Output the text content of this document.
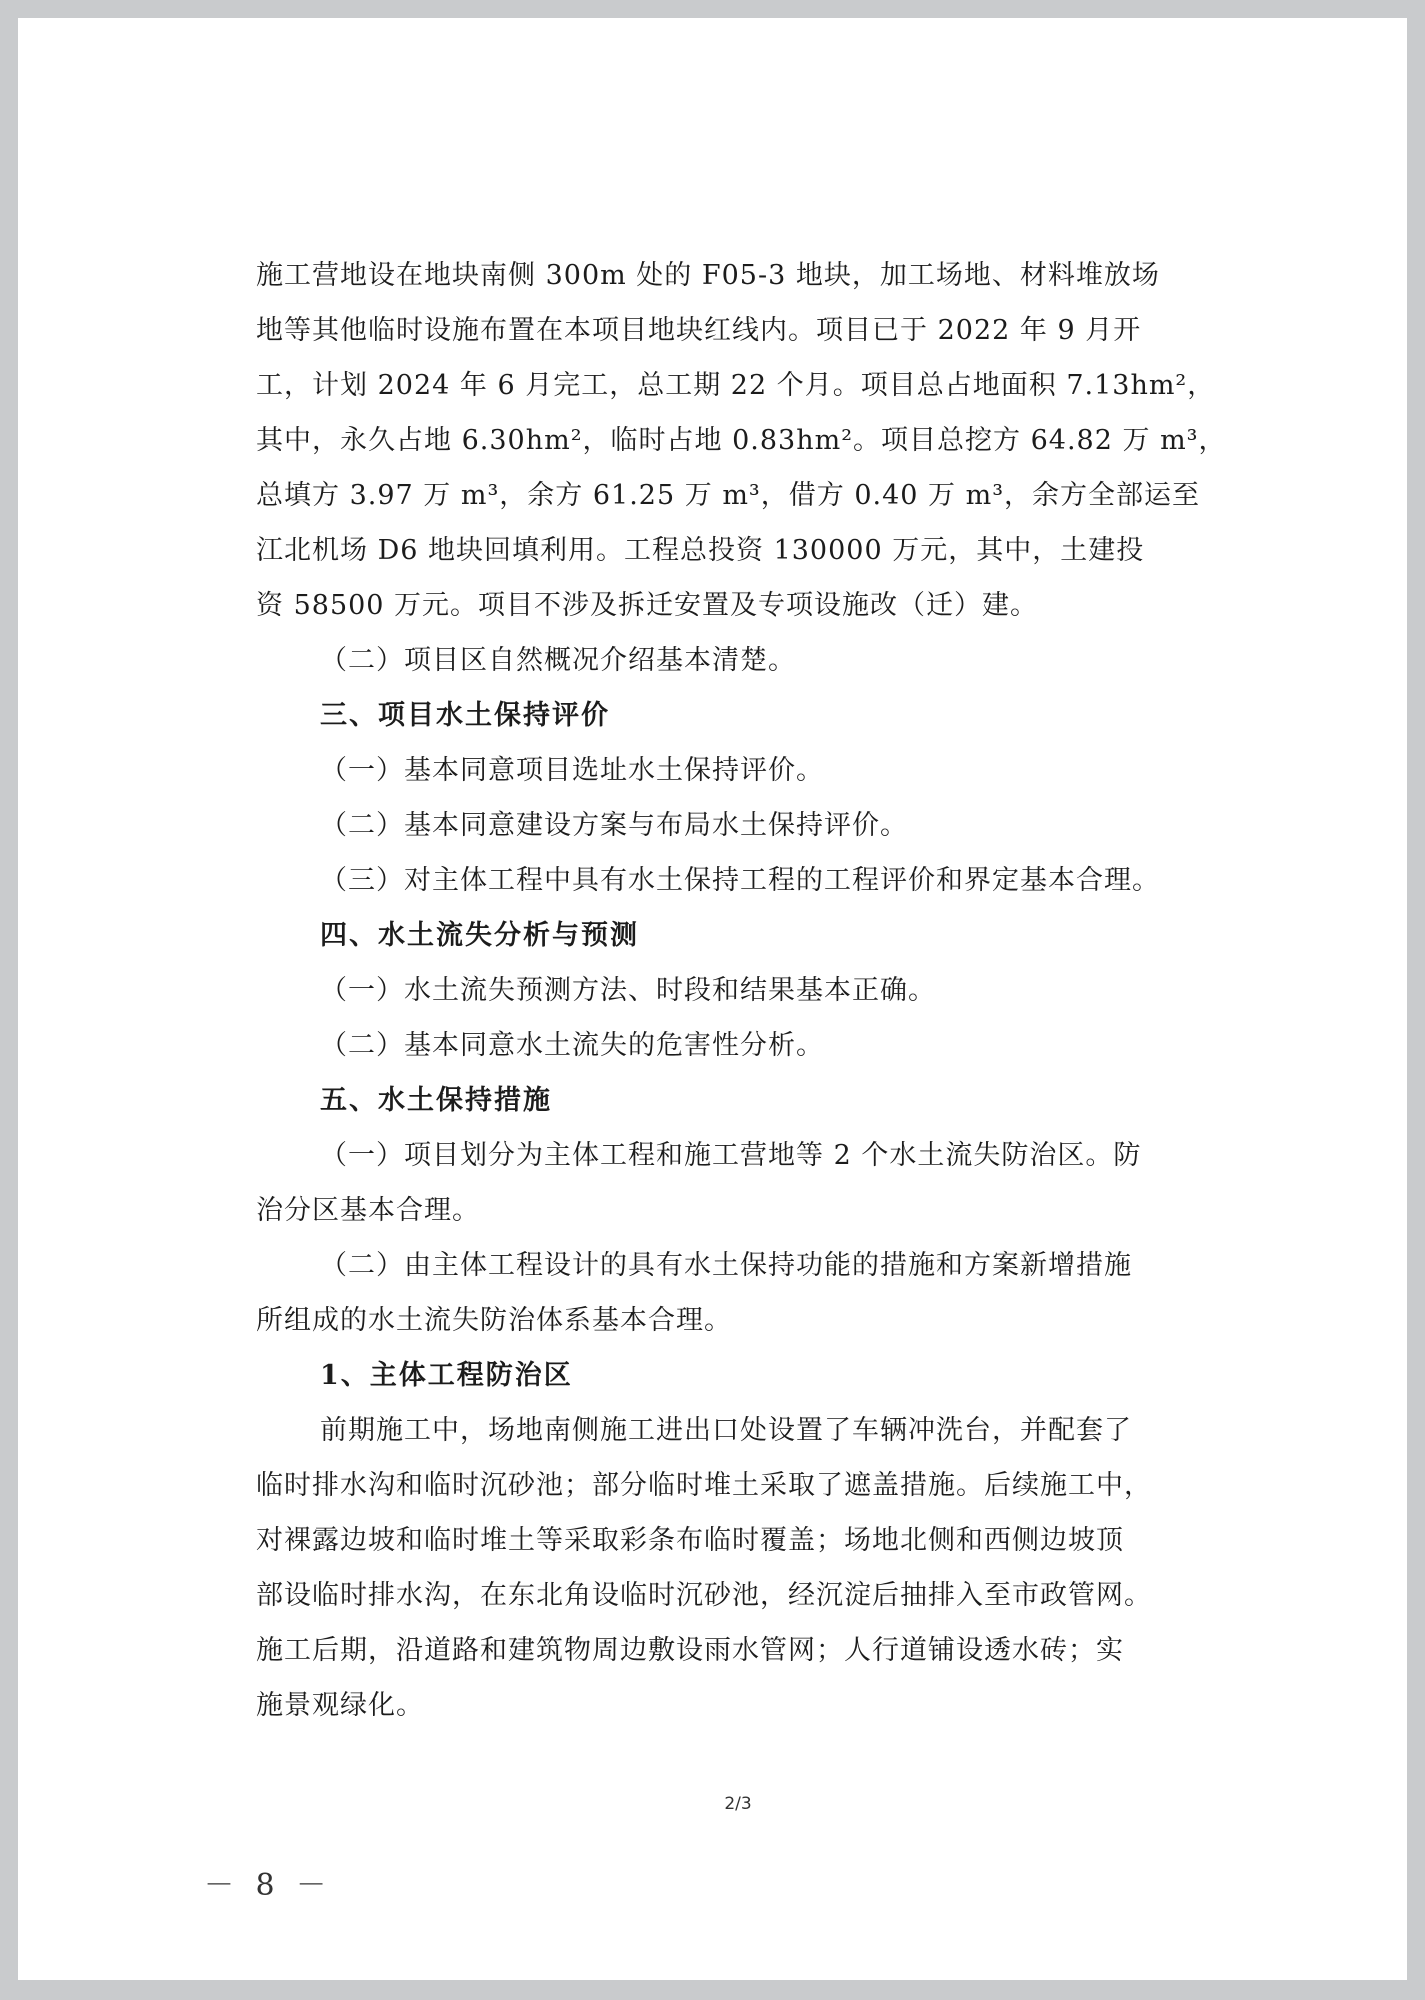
施工营地设在地块南侧 300m 处的 F05-3 地块，加工场地、材料堆放场
地等其他临时设施布置在本项目地块红线内。项目已于 2022 年 9 月开
工，计划 2024 年 6 月完工，总工期 22 个月。项目总占地面积 7.13hm²，
其中，永久占地 6.30hm²，临时占地 0.83hm²。项目总挖方 64.82 万 m³，
总填方 3.97 万 m³，余方 61.25 万 m³，借方 0.40 万 m³，余方全部运至
江北机场 D6 地块回填利用。工程总投资 130000 万元，其中，土建投
资 58500 万元。项目不涉及拆迁安置及专项设施改（迁）建。
（二）项目区自然概况介绍基本清楚。
三、项目水土保持评价
（一）基本同意项目选址水土保持评价。
（二）基本同意建设方案与布局水土保持评价。
（三）对主体工程中具有水土保持工程的工程评价和界定基本合理。
四、水土流失分析与预测
（一）水土流失预测方法、时段和结果基本正确。
（二）基本同意水土流失的危害性分析。
五、水土保持措施
（一）项目划分为主体工程和施工营地等 2 个水土流失防治区。防
治分区基本合理。
（二）由主体工程设计的具有水土保持功能的措施和方案新增措施
所组成的水土流失防治体系基本合理。
1、主体工程防治区
前期施工中，场地南侧施工进出口处设置了车辆冲洗台，并配套了
临时排水沟和临时沉砂池；部分临时堆土采取了遮盖措施。后续施工中，
对裸露边坡和临时堆土等采取彩条布临时覆盖；场地北侧和西侧边坡顶
部设临时排水沟，在东北角设临时沉砂池，经沉淀后抽排入至市政管网。
施工后期，沿道路和建筑物周边敷设雨水管网；人行道铺设透水砖；实
施景观绿化。
2/3
－ 8 －
